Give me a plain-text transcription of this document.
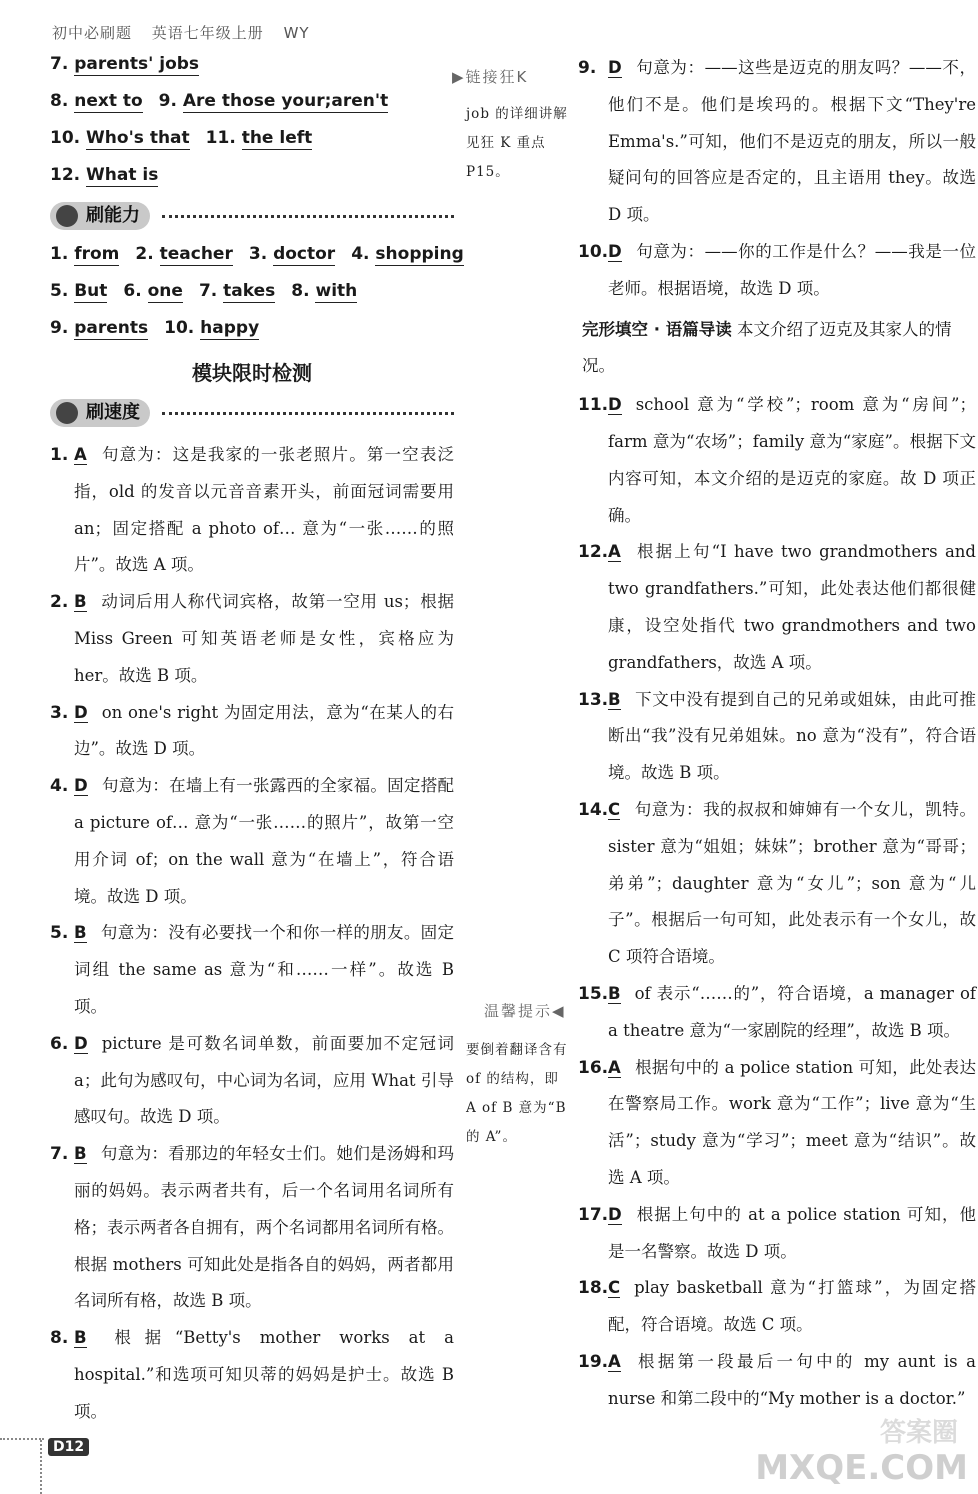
初中必刷题 英语七年级上册 WY
7. parents' jobs
8. next to 9. Are those your;aren't
10. Who's that 11. the left
12. What is
刷能力
1. from 2. teacher 3. doctor 4. shopping
5. But 6. one 7. takes 8. with
9. parents 10. happy
模块限时检测
刷速度
1. A 句意为：这是我家的一张老照片。第一空表泛指，old 的发音以元音音素开头，前面冠词需要用 an；固定搭配 a photo of… 意为“一张……的照片”。故选 A 项。
2. B 动词后用人称代词宾格，故第一空用 us；根据 Miss Green 可知英语老师是女性，宾格应为 her。故选 B 项。
3. D on one's right 为固定用法，意为“在某人的右边”。故选 D 项。
4. D 句意为：在墙上有一张露西的全家福。固定搭配 a picture of… 意为“一张……的照片”，故第一空用介词 of；on the wall 意为“在墙上”，符合语境。故选 D 项。
5. B 句意为：没有必要找一个和你一样的朋友。固定词组 the same as 意为“和……一样”。故选 B 项。
6. D picture 是可数名词单数，前面要加不定冠词 a；此句为感叹句，中心词为名词，应用 What 引导感叹句。故选 D 项。
7. B 句意为：看那边的年轻女士们。她们是汤姆和玛丽的妈妈。表示两者共有，后一个名词用名词所有格；表示两者各自拥有，两个名词都用名词所有格。根据 mothers 可知此处是指各自的妈妈，两者都用名词所有格，故选 B 项。
8. B 根据“Betty's mother works at a hospital.”和选项可知贝蒂的妈妈是护士。故选 B 项。
▶链接狂K
job 的详细讲解见狂 K 重点 P15。
温馨提示◀
要倒着翻译含有 of 的结构，即 A of B 意为“B 的 A”。
9. D 句意为：——这些是迈克的朋友吗？——不，他们不是。他们是埃玛的。根据下文“They're Emma's.”可知，他们不是迈克的朋友，所以一般疑问句的回答应是否定的，且主语用 they。故选 D 项。
10. D 句意为：——你的工作是什么？——我是一位老师。根据语境，故选 D 项。
完形填空 · 语篇导读 本文介绍了迈克及其家人的情况。
11. D school 意为“学校”；room 意为“房间”；farm 意为“农场”；family 意为“家庭”。根据下文内容可知，本文介绍的是迈克的家庭。故 D 项正确。
12. A 根据上句“I have two grandmothers and two grandfathers.”可知，此处表达他们都很健康，设空处指代 two grandmothers and two grandfathers，故选 A 项。
13. B 下文中没有提到自己的兄弟或姐妹，由此可推断出“我”没有兄弟姐妹。no 意为“没有”，符合语境。故选 B 项。
14. C 句意为：我的叔叔和婶婶有一个女儿，凯特。sister 意为“姐姐；妹妹”；brother 意为“哥哥；弟弟”；daughter 意为“女儿”；son 意为“儿子”。根据后一句可知，此处表示有一个女儿，故 C 项符合语境。
15. B of 表示“……的”，符合语境，a manager of a theatre 意为“一家剧院的经理”，故选 B 项。
16. A 根据句中的 a police station 可知，此处表达在警察局工作。work 意为“工作”；live 意为“生活”；study 意为“学习”；meet 意为“结识”。故选 A 项。
17. D 根据上句中的 at a police station 可知，他是一名警察。故选 D 项。
18. C play basketball 意为“打篮球”，为固定搭配，符合语境。故选 C 项。
19. A 根据第一段最后一句中的 my aunt is a nurse 和第二段中的“My mother is a doctor.”
D12	答案圈
MXQE.COM
